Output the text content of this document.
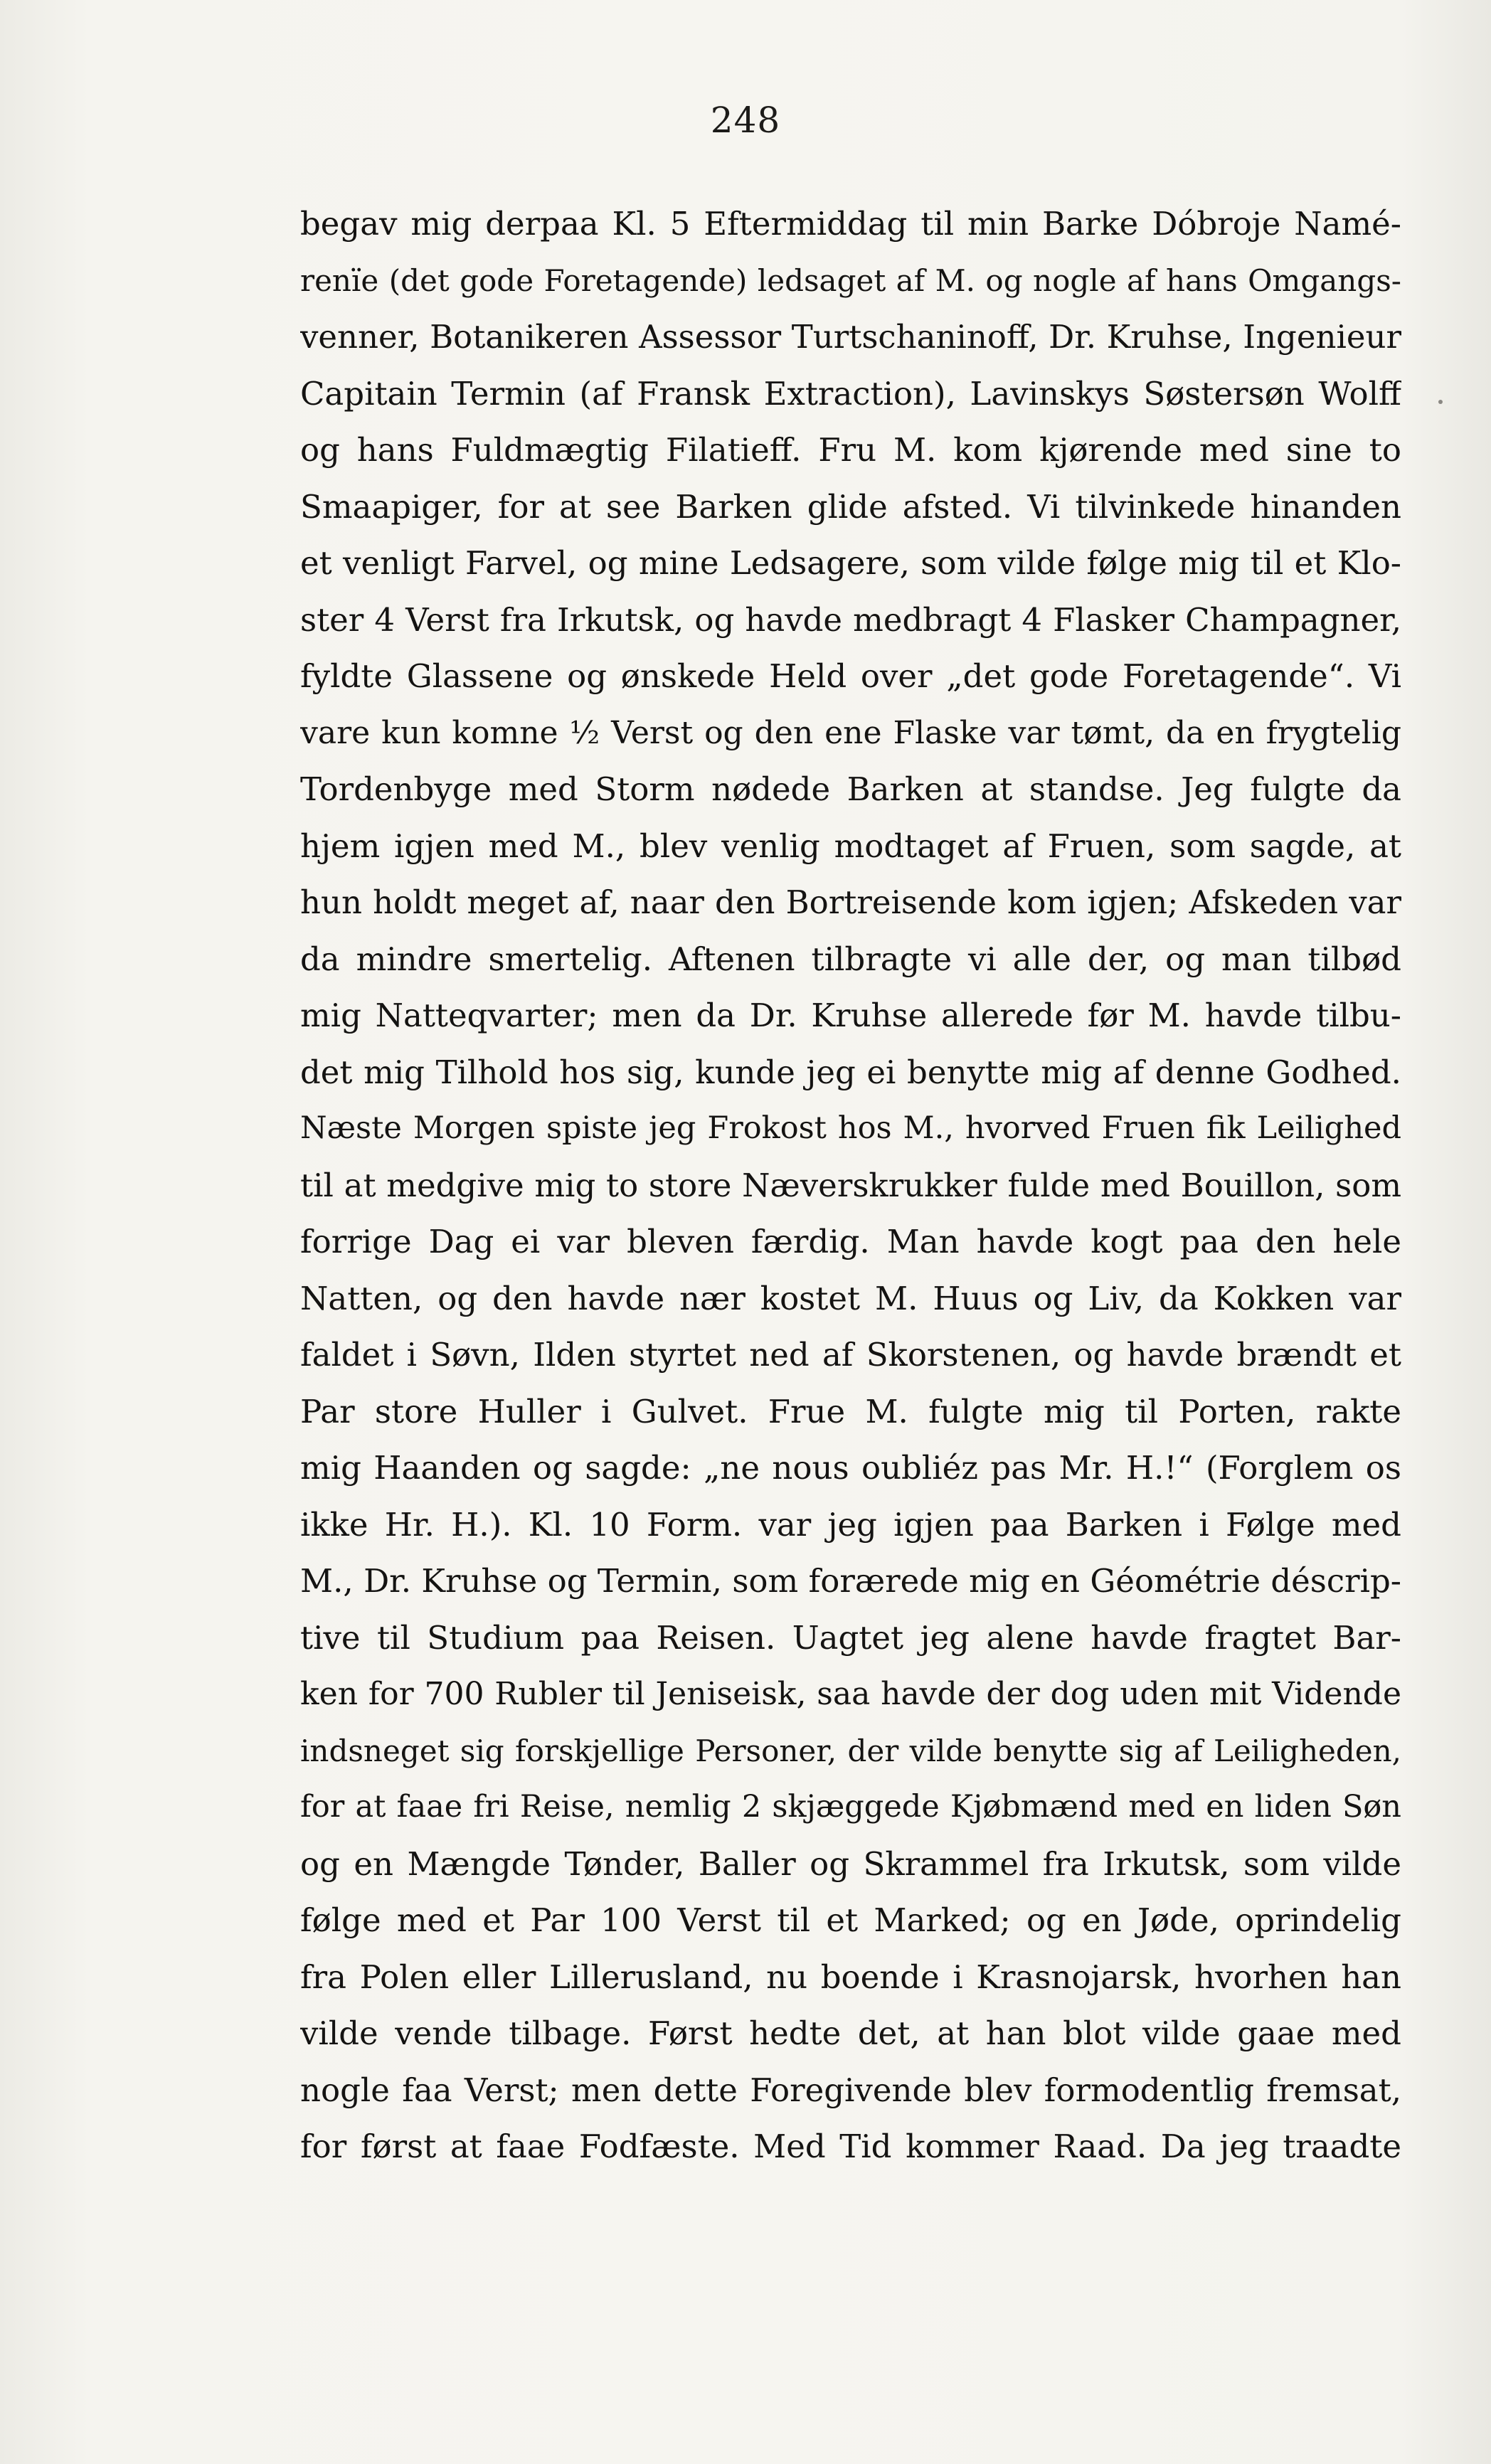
248
begav mig derpaa Kl. 5 Eftermiddag til min Barke Dóbroje Namé-
renïe (det gode Foretagende) ledsaget af M. og nogle af hans Omgangs-
venner, Botanikeren Assessor Turtschaninoff, Dr. Kruhse, Ingenieur
Capitain Termin (af Fransk Extraction), Lavinskys Søstersøn Wolff
og hans Fuldmægtig Filatieff. Fru M. kom kjørende med sine to
Smaapiger, for at see Barken glide afsted. Vi tilvinkede hinanden
et venligt Farvel, og mine Ledsagere, som vilde følge mig til et Klo-
ster 4 Verst fra Irkutsk, og havde medbragt 4 Flasker Champagner,
fyldte Glassene og ønskede Held over „det gode Foretagende“. Vi
vare kun komne ½ Verst og den ene Flaske var tømt, da en frygtelig
Tordenbyge med Storm nødede Barken at standse. Jeg fulgte da
hjem igjen med M., blev venlig modtaget af Fruen, som sagde, at
hun holdt meget af, naar den Bortreisende kom igjen; Afskeden var
da mindre smertelig. Aftenen tilbragte vi alle der, og man tilbød
mig Natteqvarter; men da Dr. Kruhse allerede før M. havde tilbu-
det mig Tilhold hos sig, kunde jeg ei benytte mig af denne Godhed.
Næste Morgen spiste jeg Frokost hos M., hvorved Fruen fik Leilighed
til at medgive mig to store Næverskrukker fulde med Bouillon, som
forrige Dag ei var bleven færdig. Man havde kogt paa den hele
Natten, og den havde nær kostet M. Huus og Liv, da Kokken var
faldet i Søvn, Ilden styrtet ned af Skorstenen, og havde brændt et
Par store Huller i Gulvet. Frue M. fulgte mig til Porten, rakte
mig Haanden og sagde: „ne nous oubliéz pas Mr. H.!“ (Forglem os
ikke Hr. H.). Kl. 10 Form. var jeg igjen paa Barken i Følge med
M., Dr. Kruhse og Termin, som forærede mig en Géométrie déscrip-
tive til Studium paa Reisen. Uagtet jeg alene havde fragtet Bar-
ken for 700 Rubler til Jeniseisk, saa havde der dog uden mit Vidende
indsneget sig forskjellige Personer, der vilde benytte sig af Leiligheden,
for at faae fri Reise, nemlig 2 skjæggede Kjøbmænd med en liden Søn
og en Mængde Tønder, Baller og Skrammel fra Irkutsk, som vilde
følge med et Par 100 Verst til et Marked; og en Jøde, oprindelig
fra Polen eller Lillerusland, nu boende i Krasnojarsk, hvorhen han
vilde vende tilbage. Først hedte det, at han blot vilde gaae med
nogle faa Verst; men dette Foregivende blev formodentlig fremsat,
for først at faae Fodfæste. Med Tid kommer Raad. Da jeg traadte
